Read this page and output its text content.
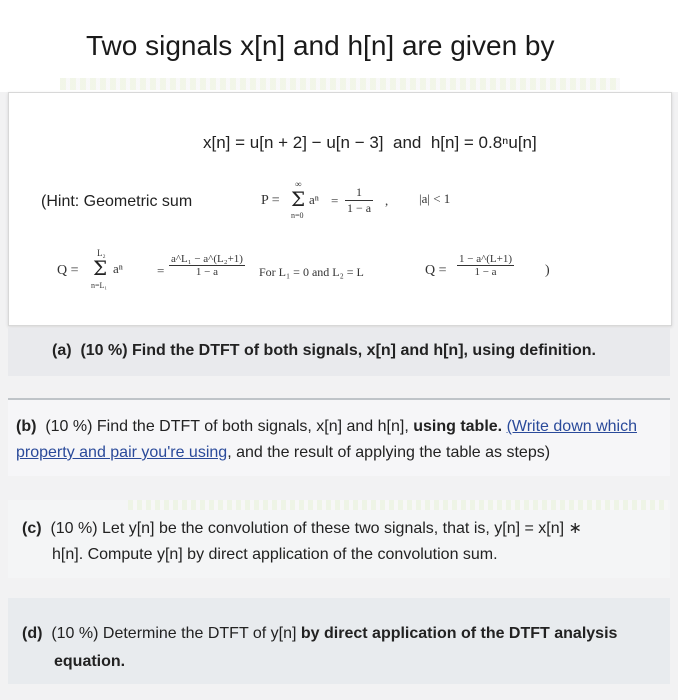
Two signals x[n] and h[n] are given by
x[n] = u[n + 2] − u[n − 3] and h[n] = 0.8ⁿu[n]
(Hint: Geometric sum	P =
∞
Σ
n=0
$a^n = \frac{1}{1 - a}$ , |a| < 1
Q =
L₂
Σ
n=L₁
aⁿ	= $\frac{\text{a\textasciicircum{}L₁ − a\textasciicircum{}(L₂+1)}}{1 - a}$ For L₁ = 0 and L₂ = L	$Q = \frac{1 - a\^{}(L+1)}{1 - a}$ )
(a) (10 %) Find the DTFT of both signals, x[n] and h[n], using definition.
(b) (10 %) Find the DTFT of both signals, x[n] and h[n], using table. (Write down which property and pair you're using, and the result of applying the table as steps)
(c) (10 %) Let y[n] be the convolution of these two signals, that is, y[n] = x[n] ∗
h[n]. Compute y[n] by direct application of the convolution sum.
(d) (10 %) Determine the DTFT of y[n] by direct application of the DTFT analysis
equation.
